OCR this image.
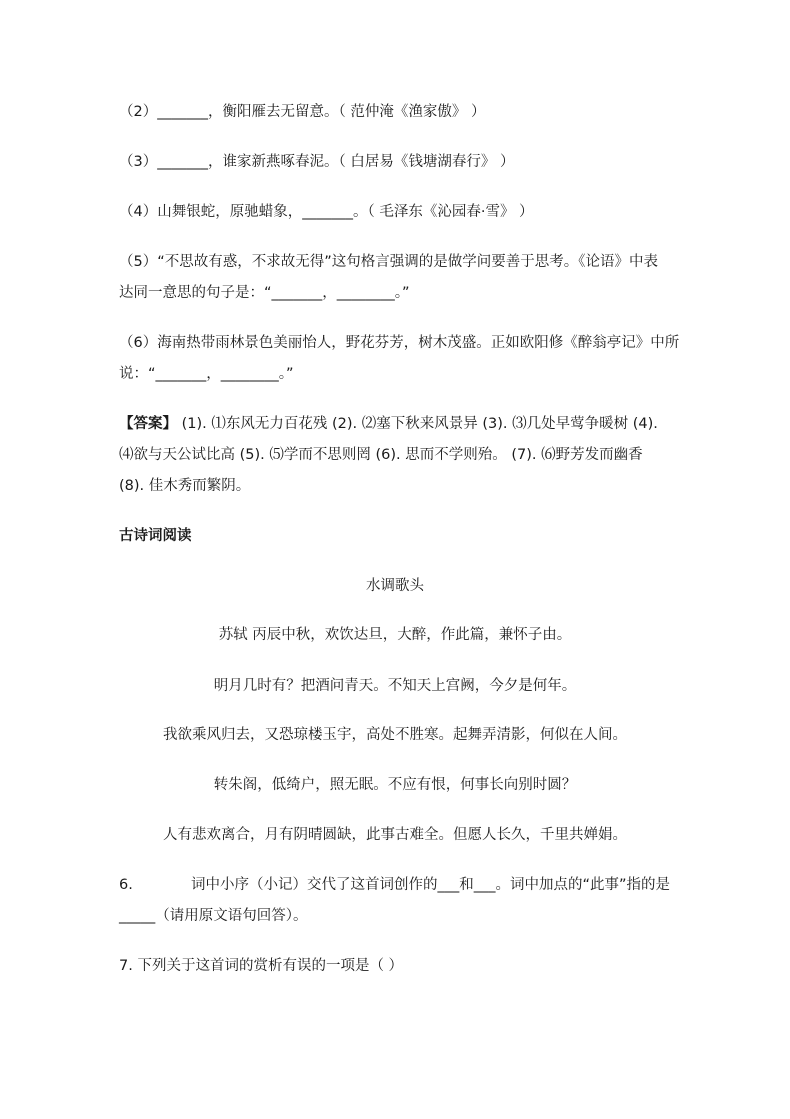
（2）_______，衡阳雁去无留意。（ 范仲淹《渔家傲》 ）
（3）_______，谁家新燕啄春泥。（ 白居易《钱塘湖春行》 ）
（4）山舞银蛇，原驰蜡象，_______。（ 毛泽东《沁园春·雪》 ）
（5）“不思故有惑，不求故无得”这句格言强调的是做学问要善于思考。《论语》中表
达同一意思的句子是：“_______，________。”
（6）海南热带雨林景色美丽怡人，野花芬芳，树木茂盛。正如欧阳修《醉翁亭记》中所
说：“_______，________。”
【答案】 (1). ⑴东风无力百花残 (2). ⑵塞下秋来风景异 (3). ⑶几处早莺争暖树 (4).
⑷欲与天公试比高 (5). ⑸学而不思则罔 (6). 思而不学则殆。 (7). ⑹野芳发而幽香
(8). 佳木秀而繁阴。
古诗词阅读
水调歌头
苏轼 丙辰中秋，欢饮达旦，大醉，作此篇，兼怀子由。
明月几时有？把酒问青天。不知天上宫阙，今夕是何年。
我欲乘风归去，又恐琼楼玉宇，高处不胜寒。起舞弄清影，何似在人间。
转朱阁，低绮户，照无眠。不应有恨，何事长向别时圆？
人有悲欢离合，月有阴晴圆缺，此事古难全。但愿人长久，千里共婵娟。
6.	词中小序（小记）交代了这首词创作的___和___。词中加点的“此事”指的是
_____（请用原文语句回答）。
7. 下列关于这首词的赏析有误的一项是（ ）
